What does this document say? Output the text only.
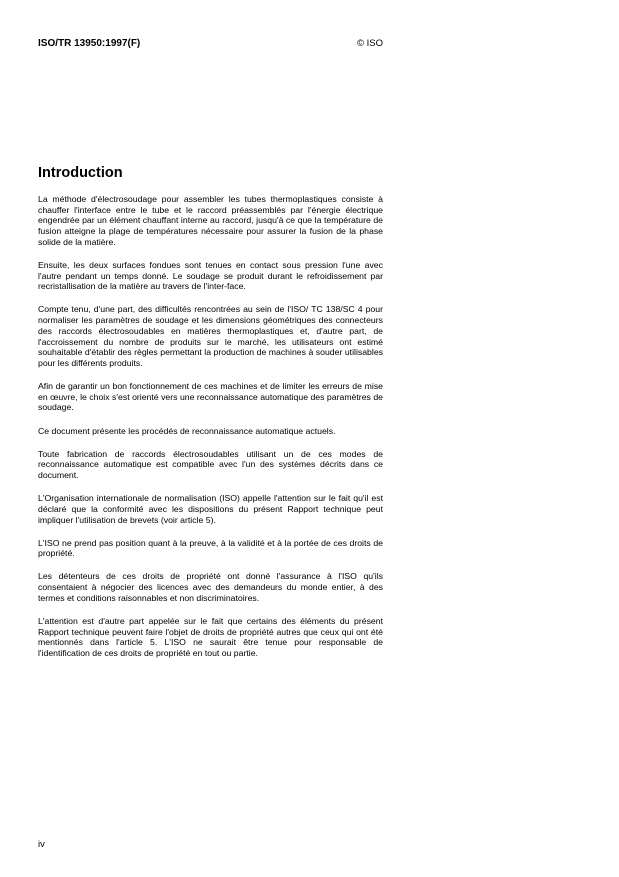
ISO/TR 13950:1997(F)	© ISO
Introduction

La méthode d'électrosoudage pour assembler les tubes thermoplastiques consiste à chauffer l'interface entre le tube et le raccord préassemblés par l'énergie électrique engendrée par un élément chauffant interne au raccord, jusqu'à ce que la température de fusion atteigne la plage de températures nécessaire pour assurer la fusion de la phase solide de la matière.

Ensuite, les deux surfaces fondues sont tenues en contact sous pression l'une avec l'autre pendant un temps donné. Le soudage se produit durant le refroidissement par recristallisation de la matière au travers de l'inter-face.

Compte tenu, d'une part, des difficultés rencontrées au sein de l'ISO/ TC 138/SC 4 pour normaliser les paramètres de soudage et les dimensions géométriques des connecteurs des raccords électrosoudables en matières thermoplastiques et, d'autre part, de l'accroissement du nombre de produits sur le marché, les utilisateurs ont estimé souhaitable d'établir des règles permettant la production de machines à souder utilisables pour les différents produits.

Afin de garantir un bon fonctionnement de ces machines et de limiter les erreurs de mise en œuvre, le choix s'est orienté vers une reconnaissance automatique des paramètres de soudage.

Ce document présente les procédés de reconnaissance automatique actuels.

Toute fabrication de raccords électrosoudables utilisant un de ces modes de reconnaissance automatique est compatible avec l'un des systèmes décrits dans ce document.

L'Organisation internationale de normalisation (ISO) appelle l'attention sur le fait qu'il est déclaré que la conformité avec les dispositions du présent Rapport technique peut impliquer l'utilisation de brevets (voir article 5).

L'ISO ne prend pas position quant à la preuve, à la validité et à la portée de ces droits de propriété.

Les détenteurs de ces droits de propriété ont donné l'assurance à l'ISO qu'ils consentaient à négocier des licences avec des demandeurs du monde entier, à des termes et conditions raisonnables et non discriminatoires.

L'attention est d'autre part appelée sur le fait que certains des éléments du présent Rapport technique peuvent faire l'objet de droits de propriété autres que ceux qui ont été mentionnés dans l'article 5. L'ISO ne saurait être tenue pour responsable de l'identification de ces droits de propriété en tout ou partie.

iv
